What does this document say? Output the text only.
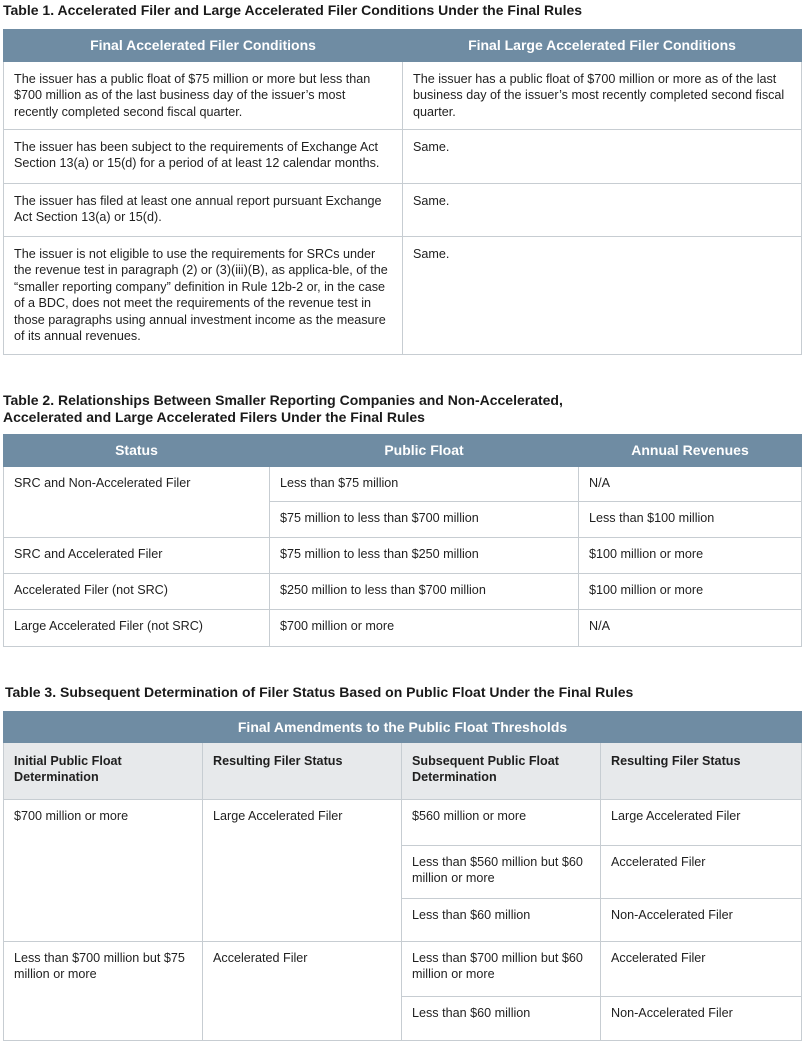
Table 1. Accelerated Filer and Large Accelerated Filer Conditions Under the Final Rules
Final Accelerated Filer Conditions	Final Large Accelerated Filer Conditions
The issuer has a public float of $75 million or more but less than $700 million as of the last business day of the issuer’s most recently completed second fiscal quarter.	The issuer has a public float of $700 million or more as of the last business day of the issuer’s most recently completed second fiscal quarter.
The issuer has been subject to the requirements of Exchange Act Section 13(a) or 15(d) for a period of at least 12 calendar months.	Same.
The issuer has filed at least one annual report pursuant Exchange Act Section 13(a) or 15(d).	Same.
The issuer is not eligible to use the requirements for SRCs under the revenue test in paragraph (2) or (3)(iii)(B), as applica-ble, of the “smaller reporting company” definition in Rule 12b-2 or, in the case of a BDC, does not meet the requirements of the revenue test in those paragraphs using annual investment income as the measure of its annual revenues.	Same.
Table 2. Relationships Between Smaller Reporting Companies and Non-Accelerated,
Accelerated and Large Accelerated Filers Under the Final Rules
Status	Public Float	Annual Revenues
SRC and Non-Accelerated Filer	Less than $75 million	N/A
	$75 million to less than $700 million	Less than $100 million
SRC and Accelerated Filer	$75 million to less than $250 million	$100 million or more
Accelerated Filer (not SRC)	$250 million to less than $700 million	$100 million or more
Large Accelerated Filer (not SRC)	$700 million or more	N/A
Table 3. Subsequent Determination of Filer Status Based on Public Float Under the Final Rules
Final Amendments to the Public Float Thresholds			
Initial Public Float Determination	Resulting Filer Status	Subsequent Public Float Determination	Resulting Filer Status
$700 million or more	Large Accelerated Filer	$560 million or more	Large Accelerated Filer
		Less than $560 million but $60 million or more	Accelerated Filer
		Less than $60 million	Non-Accelerated Filer
Less than $700 million but $75 million or more	Accelerated Filer	Less than $700 million but $60 million or more	Accelerated Filer
		Less than $60 million	Non-Accelerated Filer
